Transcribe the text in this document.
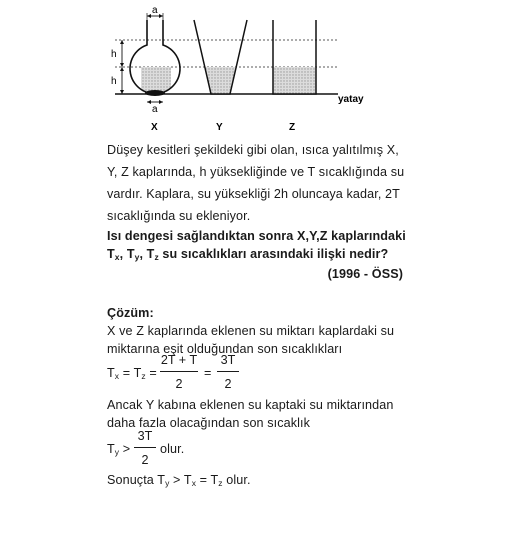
a
a
h
h
yatay
X	Y	Z
Düşey kesitleri şekildeki gibi olan, ısıca yalıtılmış X,
Y, Z kaplarında, h yüksekliğinde ve T sıcaklığında su
vardır. Kaplara, su yüksekliği 2h oluncaya kadar, 2T
sıcaklığında su ekleniyor.
Isı dengesi sağlandıktan sonra X,Y,Z kaplarındaki
$T_x$, $T_y$, $T_z$ su sıcaklıkları arasındaki ilişki nedir?
(1996 - ÖSS)
Çözüm:
X ve Z kaplarında eklenen su miktarı kaplardaki su
miktarına eşit olduğundan son sıcaklıkları
$T_x = T_z$ =
2T + T
2
=
3T
2
Ancak Y kabına eklenen su kaptaki su miktarından
daha fazla olacağından son sıcaklık
$T_y$ >
3T
2
olur.
Sonuçta $T_y > T_x = T_z$ olur.
